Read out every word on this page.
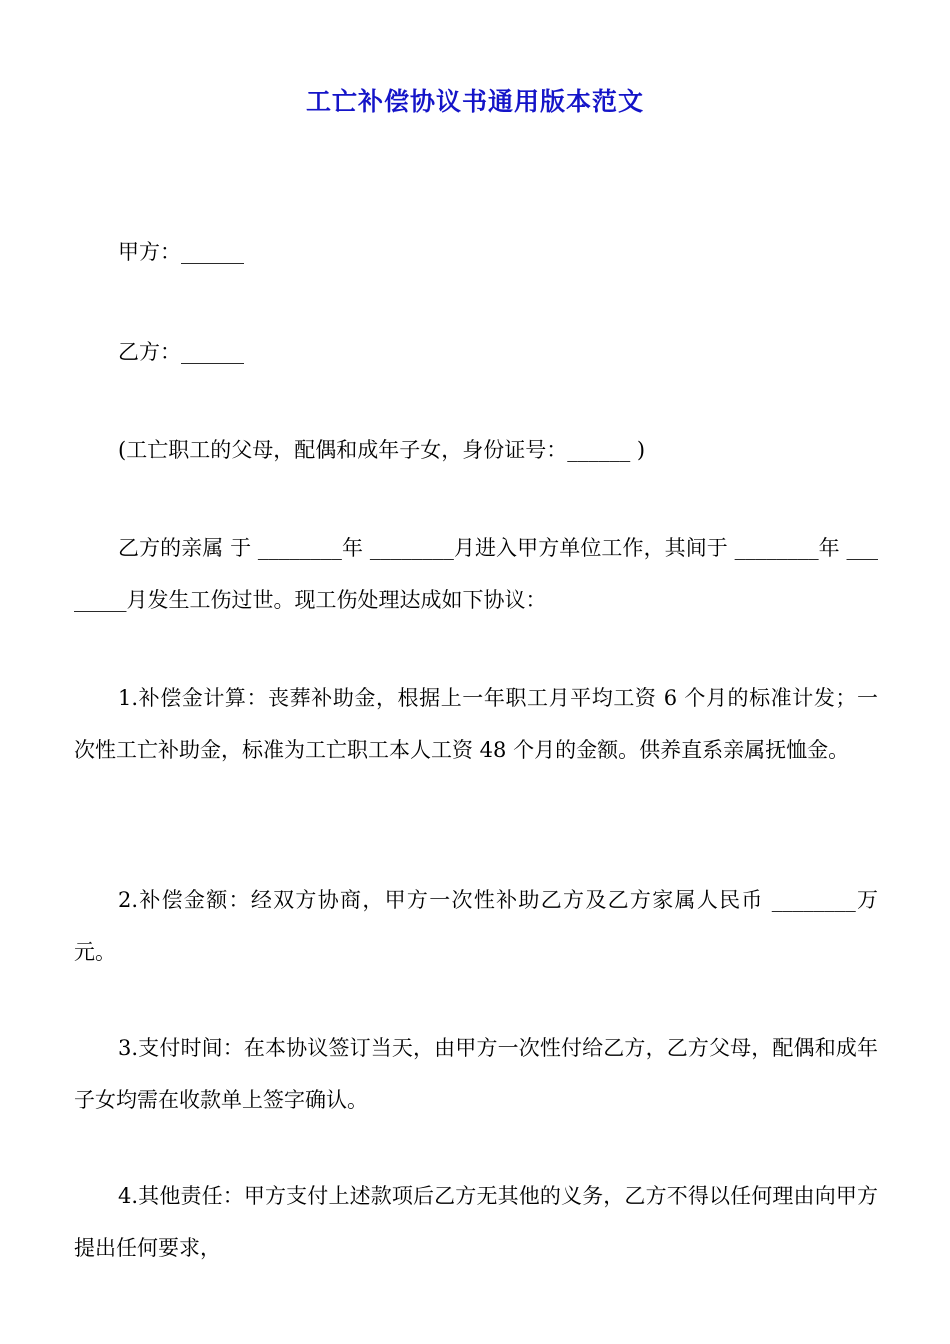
工亡补偿协议书通用版本范文

甲方：______

乙方：______

(工亡职工的父母，配偶和成年子女，身份证号：______ )

乙方的亲属 于 ________年 ________月进入甲方单位工作，其间于 ________年 ________月发生工伤过世。现工伤处理达成如下协议：

1.补偿金计算：丧葬补助金，根据上一年职工月平均工资 6 个月的标准计发；一次性工亡补助金，标准为工亡职工本人工资 48 个月的金额。供养直系亲属抚恤金。

2.补偿金额：经双方协商，甲方一次性补助乙方及乙方家属人民币 ________万元。

3.支付时间：在本协议签订当天，由甲方一次性付给乙方，乙方父母，配偶和成年子女均需在收款单上签字确认。

4.其他责任：甲方支付上述款项后乙方无其他的义务，乙方不得以任何理由向甲方提出任何要求，
